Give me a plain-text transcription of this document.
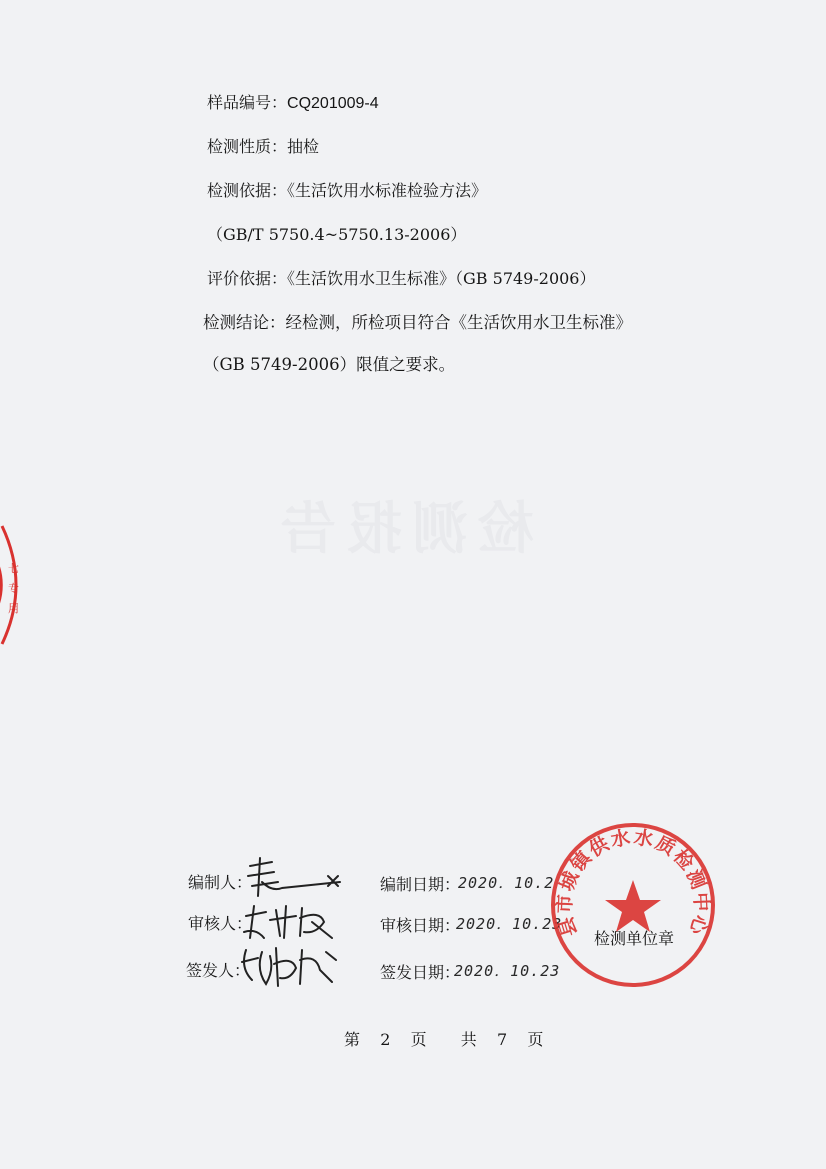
检测报告
样品编号：CQ201009-4
检测性质：抽检
检测依据：《生活饮用水标准检验方法》
（GB/T 5750.4~5750.13-2006）
评价依据：《生活饮用水卫生标准》（GB 5749-2006）
检测结论：经检测，所检项目符合《生活饮用水卫生标准》
（GB 5749-2006）限值之要求。
七
专
用
编制人：	编制日期：
2020．10.2
审核人：	审核日期：
2020．10.23
签发人：	签发日期：
2020．10.23
县市城镇供水水质检测中心
检测单位章
第 2 页 共 7 页
